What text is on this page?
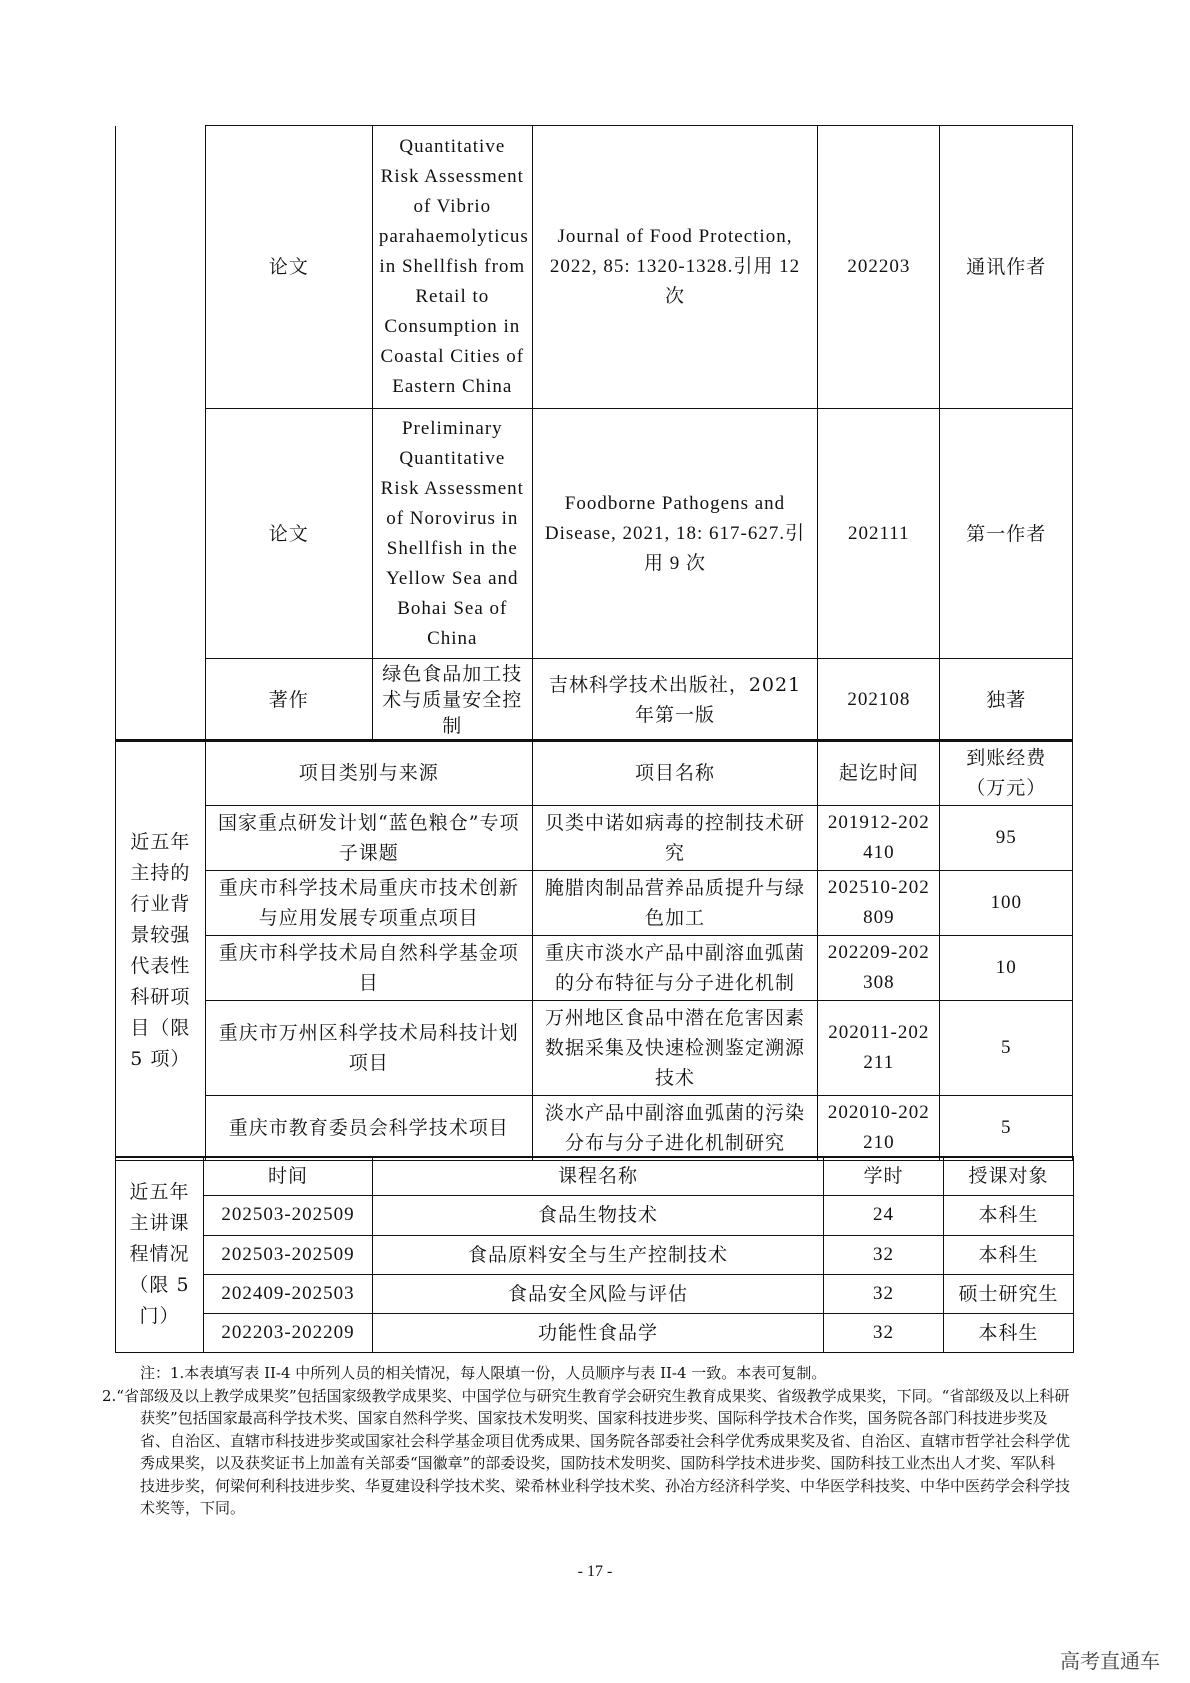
	论文	Quantitative Risk Assessment of Vibrio parahaemolyticus in Shellfish from Retail to Consumption in Coastal Cities of Eastern China	Journal of Food Protection, 2022, 85: 1320-1328.引用 12 次	202203	通讯作者
	论文	Preliminary Quantitative Risk Assessment of Norovirus in Shellfish in the Yellow Sea and Bohai Sea of China	Foodborne Pathogens and Disease, 2021, 18: 617-627.引用 9 次	202111	第一作者
	著作	绿色食品加工技术与质量安全控制	吉林科学技术出版社，2021 年第一版	202108	独著
近五年主持的行业背景较强代表性科研项目（限 5 项）	项目类别与来源	项目名称	起讫时间	到账经费（万元）
	国家重点研发计划“蓝色粮仓”专项子课题	贝类中诺如病毒的控制技术研究	201912-202410	95
	重庆市科学技术局重庆市技术创新与应用发展专项重点项目	腌腊肉制品营养品质提升与绿色加工	202510-202809	100
	重庆市科学技术局自然科学基金项目	重庆市淡水产品中副溶血弧菌的分布特征与分子进化机制	202209-202308	10
	重庆市万州区科学技术局科技计划项目	万州地区食品中潜在危害因素数据采集及快速检测鉴定溯源技术	202011-202211	5
	重庆市教育委员会科学技术项目	淡水产品中副溶血弧菌的污染分布与分子进化机制研究	202010-202210	5
近五年主讲课程情况（限 5 门）	时间	课程名称	学时	授课对象
	202503-202509	食品生物技术	24	本科生
	202503-202509	食品原料安全与生产控制技术	32	本科生
	202409-202503	食品安全风险与评估	32	硕士研究生
	202203-202209	功能性食品学	32	本科生
注：1.本表填写表 II-4 中所列人员的相关情况，每人限填一份，人员顺序与表 II-4 一致。本表可复制。
2.“省部级及以上教学成果奖”包括国家级教学成果奖、中国学位与研究生教育学会研究生教育成果奖、省级教学成果奖，下同。“省部级及以上科研获奖”包括国家最高科学技术奖、国家自然科学奖、国家技术发明奖、国家科技进步奖、国际科学技术合作奖，国务院各部门科技进步奖及省、自治区、直辖市科技进步奖或国家社会科学基金项目优秀成果、国务院各部委社会科学优秀成果奖及省、自治区、直辖市哲学社会科学优秀成果奖，以及获奖证书上加盖有关部委“国徽章”的部委设奖，国防技术发明奖、国防科学技术进步奖、国防科技工业杰出人才奖、军队科技进步奖，何梁何利科技进步奖、华夏建设科学技术奖、梁希林业科学技术奖、孙冶方经济科学奖、中华医学科技奖、中华中医药学会科学技术奖等，下同。
- 17 -
高考直通车
